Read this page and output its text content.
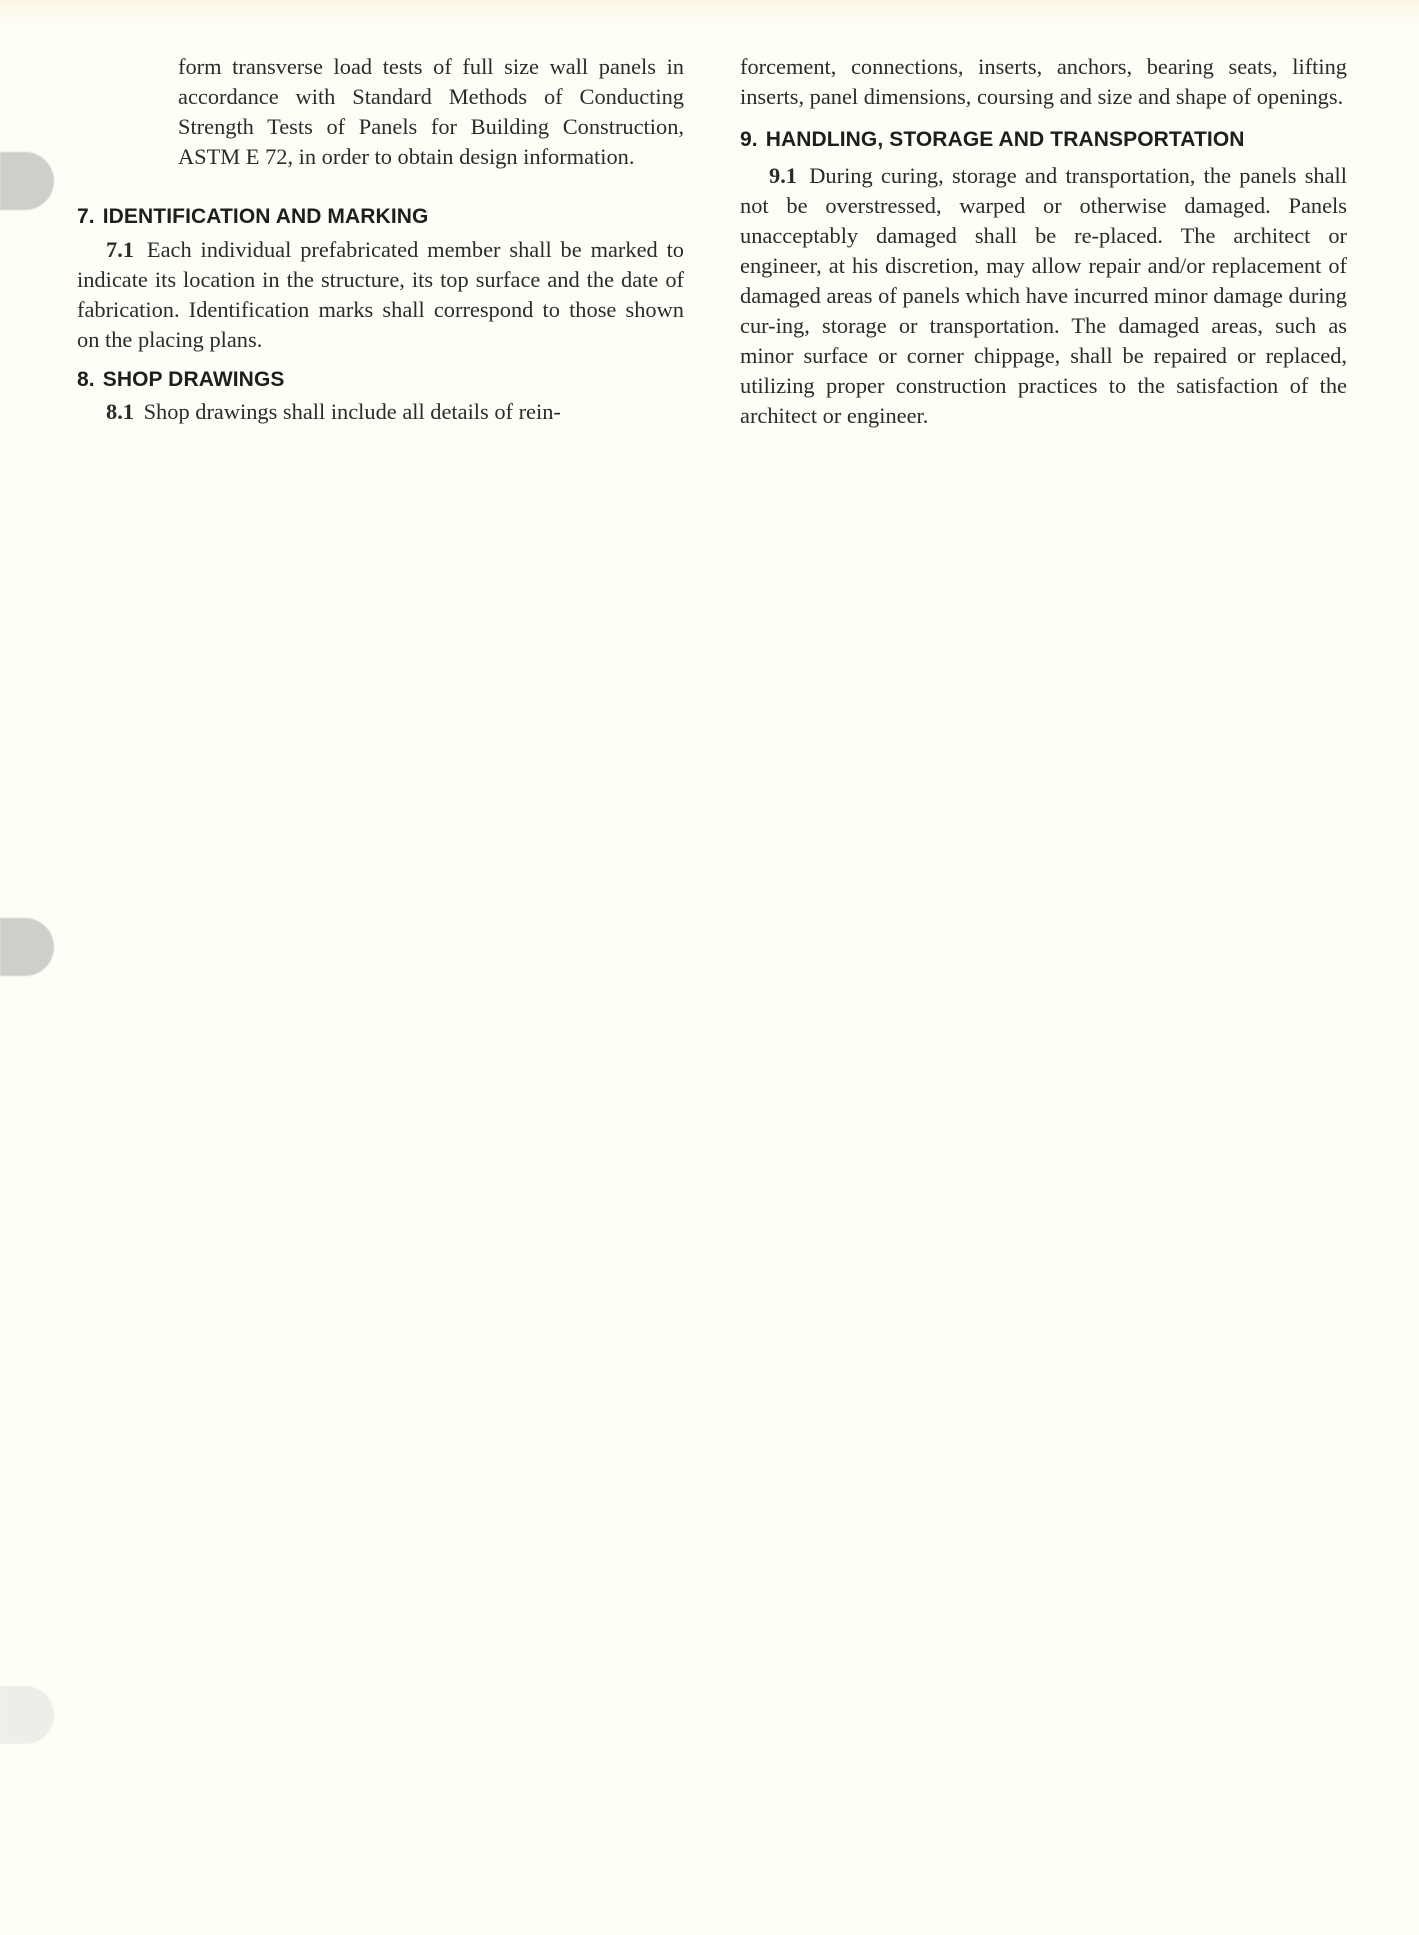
form transverse load tests of full size wall panels in accordance with Standard Methods of Conducting Strength Tests of Panels for Building Construction, ASTM E 72, in order to obtain design information.

7. IDENTIFICATION AND MARKING

7.1 Each individual prefabricated member shall be marked to indicate its location in the structure, its top surface and the date of fabrication. Identification marks shall correspond to those shown on the placing plans.

8. SHOP DRAWINGS

8.1 Shop drawings shall include all details of rein-

forcement, connections, inserts, anchors, bearing seats, lifting inserts, panel dimensions, coursing and size and shape of openings.

9. HANDLING, STORAGE AND TRANSPORTATION

9.1 During curing, storage and transportation, the panels shall not be overstressed, warped or otherwise damaged. Panels unacceptably damaged shall be re-placed. The architect or engineer, at his discretion, may allow repair and/or replacement of damaged areas of panels which have incurred minor damage during cur-ing, storage or transportation. The damaged areas, such as minor surface or corner chippage, shall be repaired or replaced, utilizing proper construction practices to the satisfaction of the architect or engineer.
